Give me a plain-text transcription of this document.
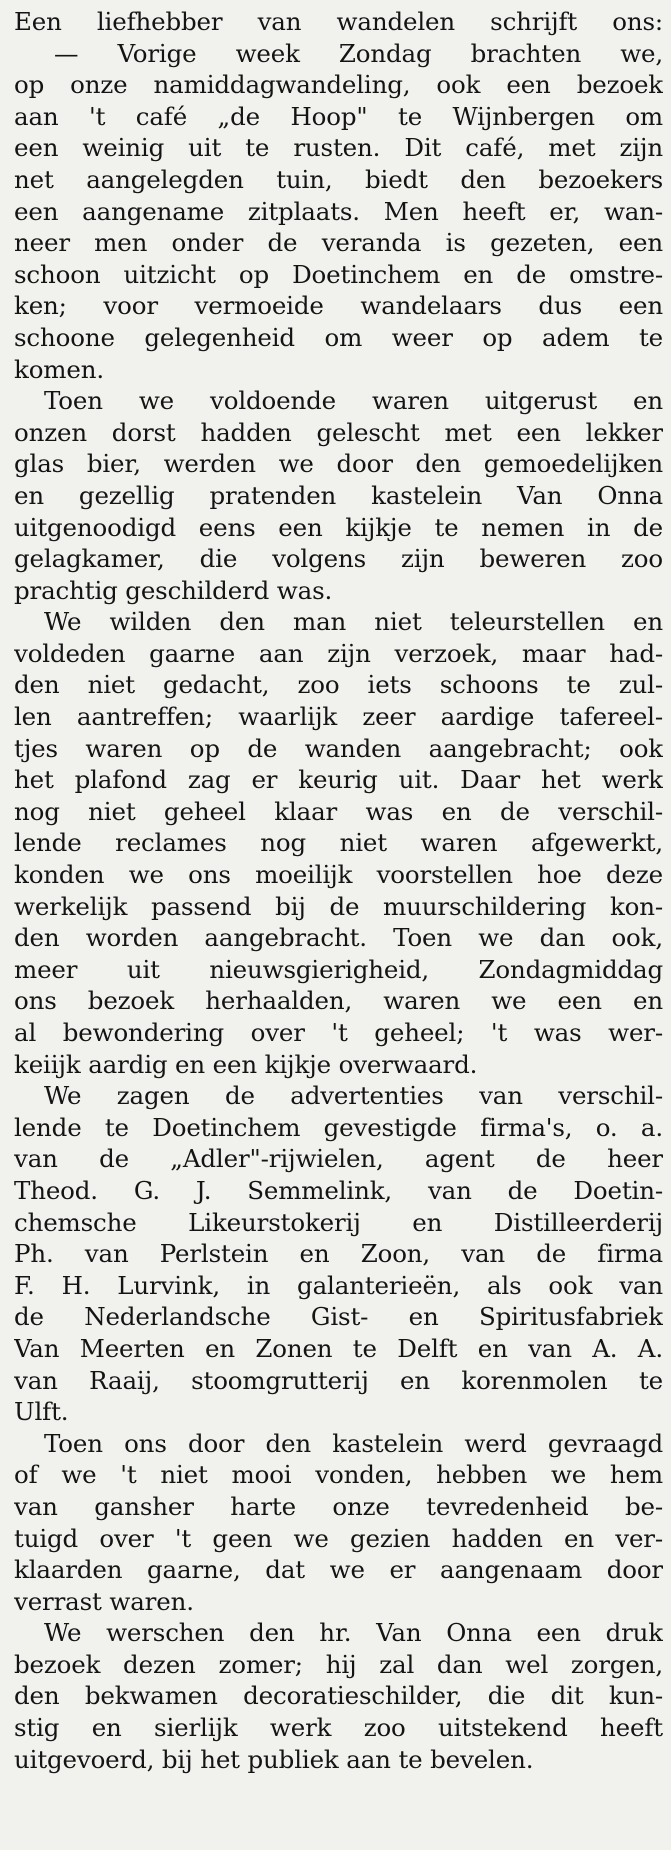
Een liefhebber van wandelen schrijft ons:
— Vorige week Zondag brachten we,
op onze namiddagwandeling, ook een bezoek
aan 't café „de Hoop" te Wijnbergen om
een weinig uit te rusten. Dit café, met zijn
net aangelegden tuin, biedt den bezoekers
een aangename zitplaats. Men heeft er, wan-
neer men onder de veranda is gezeten, een
schoon uitzicht op Doetinchem en de omstre-
ken; voor vermoeide wandelaars dus een
schoone gelegenheid om weer op adem te
komen.
Toen we voldoende waren uitgerust en
onzen dorst hadden gelescht met een lekker
glas bier, werden we door den gemoedelijken
en gezellig pratenden kastelein Van Onna
uitgenoodigd eens een kijkje te nemen in de
gelagkamer, die volgens zijn beweren zoo
prachtig geschilderd was.
We wilden den man niet teleurstellen en
voldeden gaarne aan zijn verzoek, maar had-
den niet gedacht, zoo iets schoons te zul-
len aantreffen; waarlijk zeer aardige tafereel-
tjes waren op de wanden aangebracht; ook
het plafond zag er keurig uit. Daar het werk
nog niet geheel klaar was en de verschil-
lende reclames nog niet waren afgewerkt,
konden we ons moeilijk voorstellen hoe deze
werkelijk passend bij de muurschildering kon-
den worden aangebracht. Toen we dan ook,
meer uit nieuwsgierigheid, Zondagmiddag
ons bezoek herhaalden, waren we een en
al bewondering over 't geheel; 't was wer-
keiijk aardig en een kijkje overwaard.
We zagen de advertenties van verschil-
lende te Doetinchem gevestigde firma's, o. a.
van de „Adler"-rijwielen, agent de heer
Theod. G. J. Semmelink, van de Doetin-
chemsche Likeurstokerij en Distilleerderij
Ph. van Perlstein en Zoon, van de firma
F. H. Lurvink, in galanterieën, als ook van
de Nederlandsche Gist- en Spiritusfabriek
Van Meerten en Zonen te Delft en van A. A.
van Raaij, stoomgrutterij en korenmolen te
Ulft.
Toen ons door den kastelein werd gevraagd
of we 't niet mooi vonden, hebben we hem
van gansher harte onze tevredenheid be-
tuigd over 't geen we gezien hadden en ver-
klaarden gaarne, dat we er aangenaam door
verrast waren.
We werschen den hr. Van Onna een druk
bezoek dezen zomer; hij zal dan wel zorgen,
den bekwamen decoratieschilder, die dit kun-
stig en sierlijk werk zoo uitstekend heeft
uitgevoerd, bij het publiek aan te bevelen.
